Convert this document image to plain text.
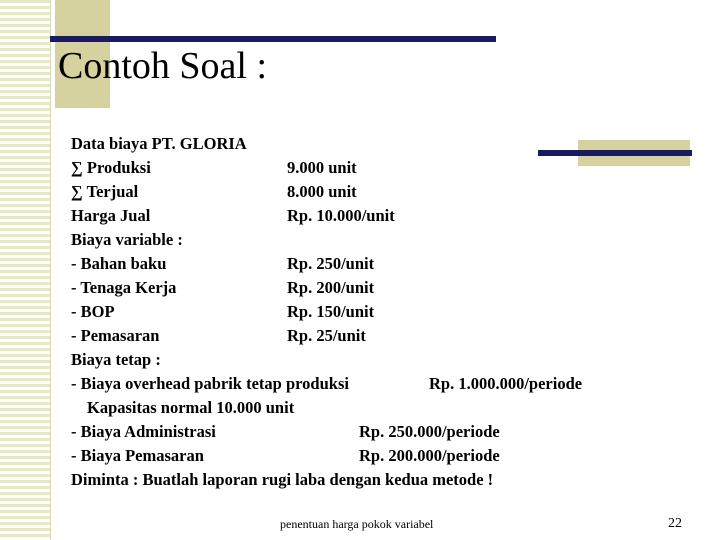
Contoh Soal :
Data biaya PT. GLORIA
∑ Produksi	9.000 unit
∑ Terjual	8.000 unit
Harga Jual	Rp. 10.000/unit
Biaya variable :
- Bahan baku	Rp. 250/unit
- Tenaga Kerja	Rp. 200/unit
- BOP	Rp. 150/unit
- Pemasaran	Rp. 25/unit
Biaya tetap :
- Biaya overhead pabrik tetap produksi	Rp. 1.000.000/periode
Kapasitas normal 10.000 unit
- Biaya Administrasi	Rp. 250.000/periode
- Biaya Pemasaran	Rp. 200.000/periode
Diminta : Buatlah laporan rugi laba dengan kedua metode !
penentuan harga pokok variabel	22
